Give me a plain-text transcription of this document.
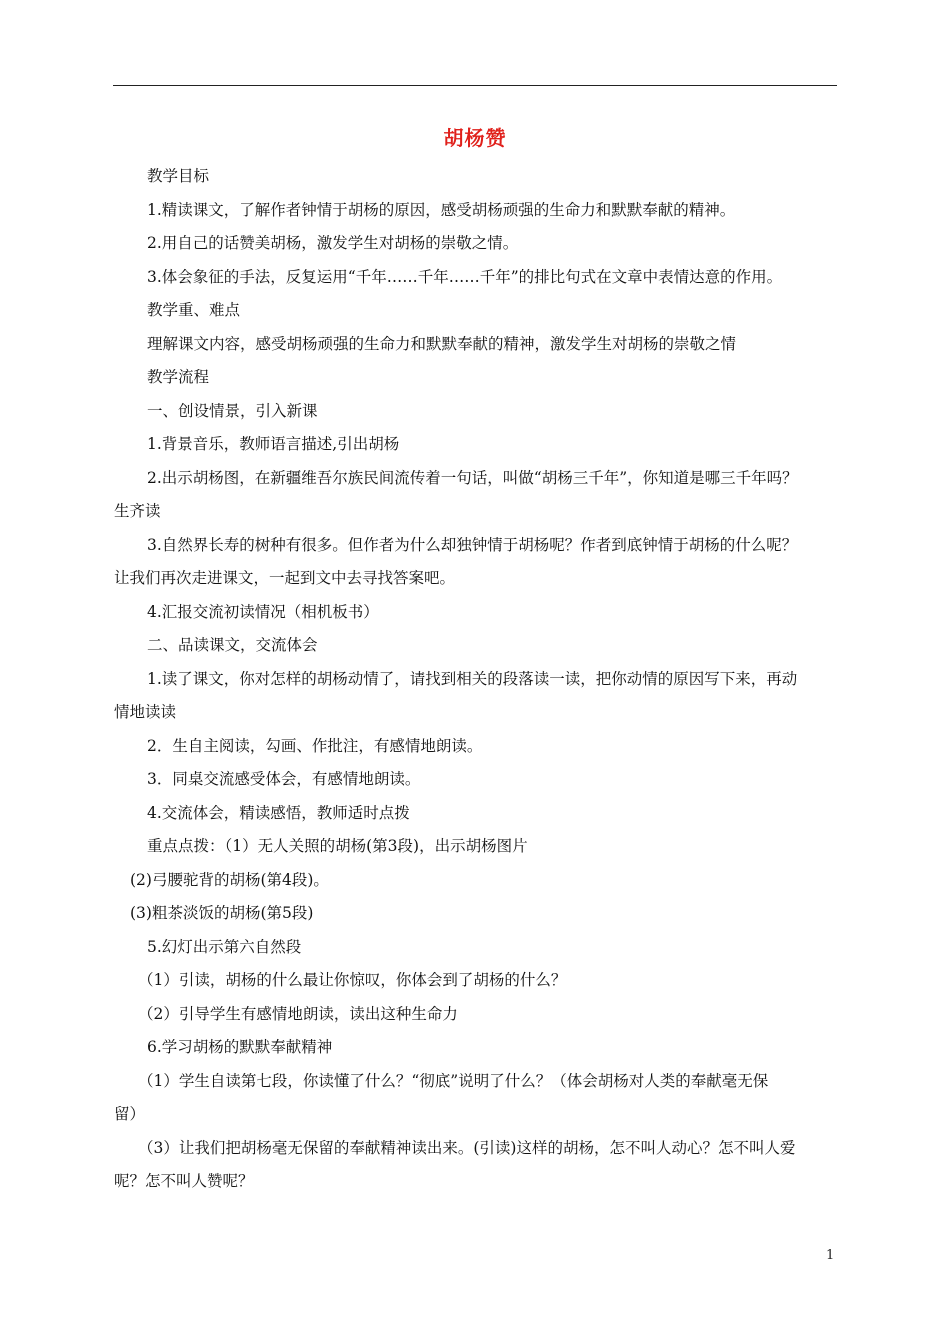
胡杨赞
教学目标
1.精读课文，了解作者钟情于胡杨的原因，感受胡杨顽强的生命力和默默奉献的精神。
2.用自己的话赞美胡杨，激发学生对胡杨的崇敬之情。
3.体会象征的手法，反复运用“千年……千年……千年”的排比句式在文章中表情达意的作用。
教学重、难点
理解课文内容，感受胡杨顽强的生命力和默默奉献的精神，激发学生对胡杨的崇敬之情
教学流程
一、创设情景，引入新课
1.背景音乐，教师语言描述,引出胡杨
2.出示胡杨图，在新疆维吾尔族民间流传着一句话，叫做“胡杨三千年”，你知道是哪三千年吗？
生齐读
3.自然界长寿的树种有很多。但作者为什么却独钟情于胡杨呢？作者到底钟情于胡杨的什么呢？
让我们再次走进课文，一起到文中去寻找答案吧。
4.汇报交流初读情况（相机板书）
二、品读课文，交流体会
1.读了课文，你对怎样的胡杨动情了，请找到相关的段落读一读，把你动情的原因写下来，再动
情地读读
2．生自主阅读，勾画、作批注，有感情地朗读。
3．同桌交流感受体会，有感情地朗读。
4.交流体会，精读感悟，教师适时点拨
重点点拨：（1）无人关照的胡杨(第3段)，出示胡杨图片
(2)弓腰驼背的胡杨(第4段)。
(3)粗茶淡饭的胡杨(第5段)
5.幻灯出示第六自然段
（1）引读，胡杨的什么最让你惊叹，你体会到了胡杨的什么？
（2）引导学生有感情地朗读，读出这种生命力
6.学习胡杨的默默奉献精神
（1）学生自读第七段，你读懂了什么？“彻底”说明了什么？（体会胡杨对人类的奉献毫无保
留）
（3）让我们把胡杨毫无保留的奉献精神读出来。(引读)这样的胡杨，怎不叫人动心？怎不叫人爱
呢？怎不叫人赞呢？
1
